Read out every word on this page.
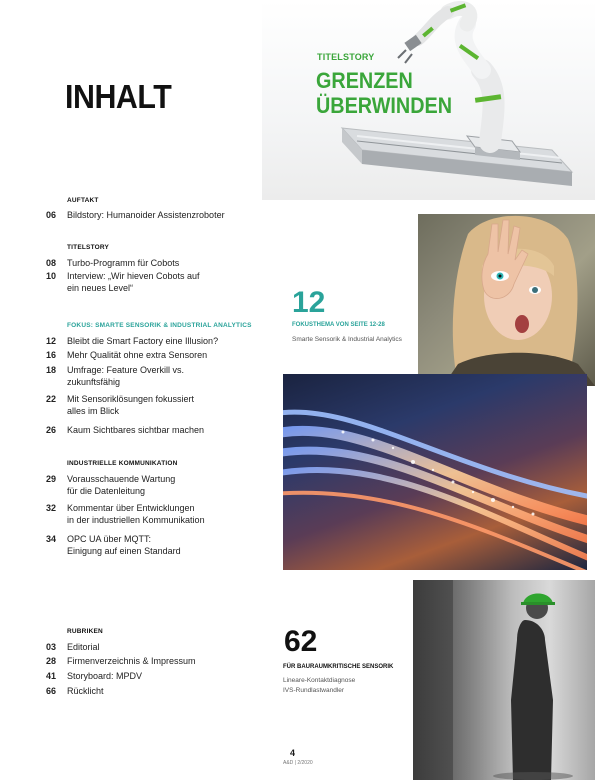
INHALT
TITELSTORY
GRENZEN
ÜBERWINDEN
AUFTAKT
06	Bildstory: Humanoider Assistenzroboter
TITELSTORY
08	Turbo-Programm für Cobots
10	Interview: „Wir hieven Cobots auf
ein neues Level“
FOKUS: SMARTE SENSORIK & INDUSTRIAL ANALYTICS
12	Bleibt die Smart Factory eine Illusion?
16	Mehr Qualität ohne extra Sensoren
18	Umfrage: Feature Overkill vs.
zukunftsfähig
22	Mit Sensoriklösungen fokussiert
alles im Blick
26	Kaum Sichtbares sichtbar machen
INDUSTRIELLE KOMMUNIKATION
29	Vorausschauende Wartung
für die Datenleitung
32	Kommentar über Entwicklungen
in der industriellen Kommunikation
34	OPC UA über MQTT:
Einigung auf einen Standard
RUBRIKEN
03	Editorial
28	Firmenverzeichnis & Impressum
41	Storyboard: MPDV
66	Rücklicht
12
FOKUSTHEMA VON SEITE 12-28
Smarte Sensorik & Industrial Analytics
62
FÜR BAURAUMKRITISCHE SENSORIK
Lineare-Kontaktdiagnose
IVS-Rundlastwandler
4
A&D | 2/2020
